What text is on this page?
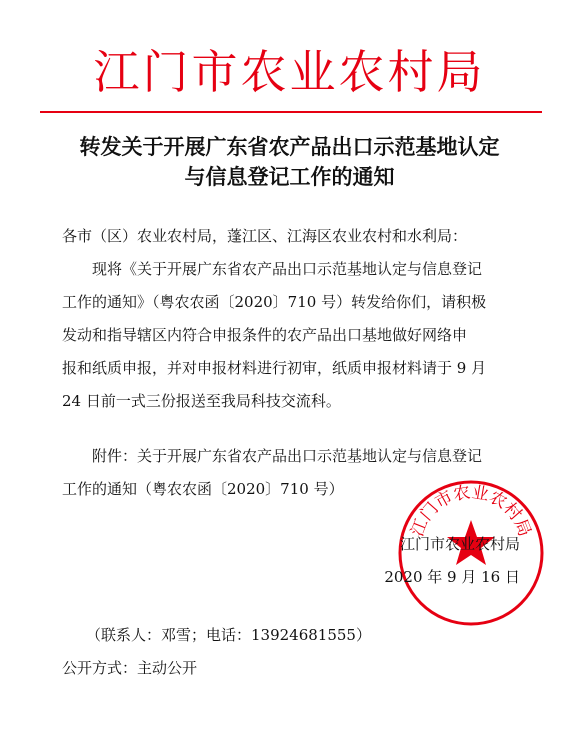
江门市农业农村局
转发关于开展广东省农产品出口示范基地认定
与信息登记工作的通知
各市（区）农业农村局，蓬江区、江海区农业农村和水利局：
现将《关于开展广东省农产品出口示范基地认定与信息登记
工作的通知》（粤农农函〔2020〕710 号）转发给你们，请积极
发动和指导辖区内符合申报条件的农产品出口基地做好网络申
报和纸质申报，并对申报材料进行初审，纸质申报材料请于 9 月
24 日前一式三份报送至我局科技交流科。
附件：关于开展广东省农产品出口示范基地认定与信息登记
工作的通知（粤农农函〔2020〕710 号）
江门市农业农村局
江门市农业农村局
2020 年 9 月 16 日
（联系人：邓雪；电话：13924681555）
公开方式：主动公开
